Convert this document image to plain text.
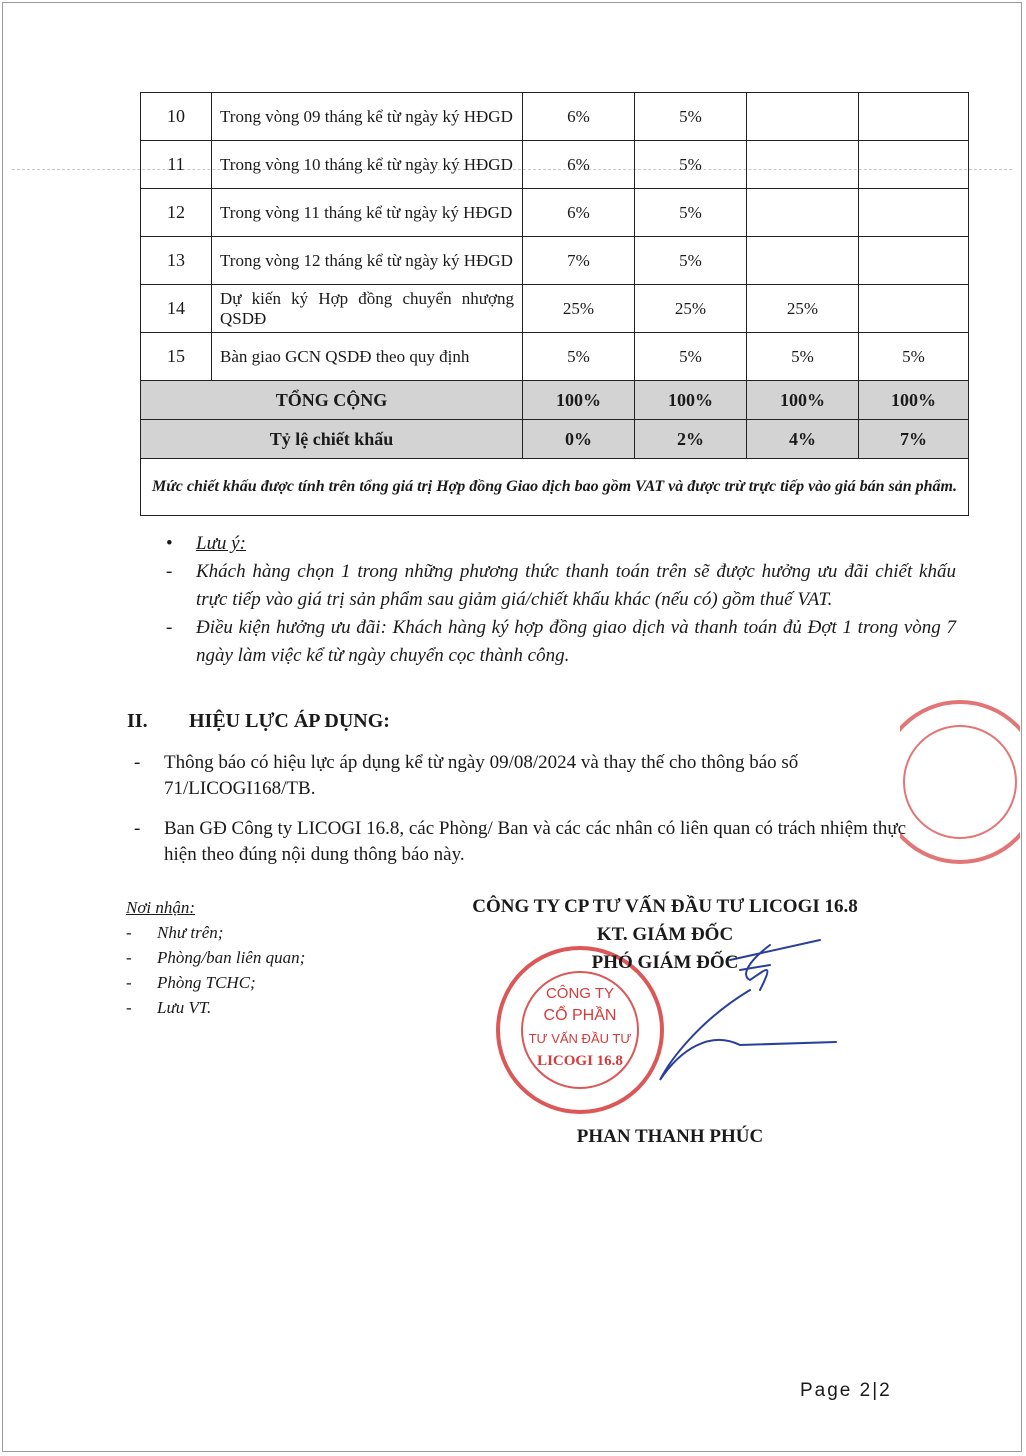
10	Trong vòng 09 tháng kể từ ngày ký HĐGD	6%	5%		
11	Trong vòng 10 tháng kể từ ngày ký HĐGD	6%	5%		
12	Trong vòng 11 tháng kể từ ngày ký HĐGD	6%	5%		
13	Trong vòng 12 tháng kể từ ngày ký HĐGD	7%	5%		
14	Dự kiến ký Hợp đồng chuyển nhượng QSDĐ	25%	25%	25%	
15	Bàn giao GCN QSDĐ theo quy định	5%	5%	5%	5%
TỔNG CỘNG		100%	100%	100%	100%
Tỷ lệ chiết khấu		0%	2%	4%	7%
Mức chiết khấu được tính trên tổng giá trị Hợp đồng Giao dịch bao gồm VAT và được trừ trực tiếp vào giá bán sản phẩm.					
• Lưu ý:
- Khách hàng chọn 1 trong những phương thức thanh toán trên sẽ được hưởng ưu đãi chiết khấu trực tiếp vào giá trị sản phẩm sau giảm giá/chiết khấu khác (nếu có) gồm thuế VAT.
- Điều kiện hưởng ưu đãi: Khách hàng ký hợp đồng giao dịch và thanh toán đủ Đợt 1 trong vòng 7 ngày làm việc kể từ ngày chuyển cọc thành công.
II. HIỆU LỰC ÁP DỤNG:
- Thông báo có hiệu lực áp dụng kể từ ngày 09/08/2024 và thay thế cho thông báo số 71/LICOGI168/TB.
- Ban GĐ Công ty LICOGI 16.8, các Phòng/ Ban và các các nhân có liên quan có trách nhiệm thực hiện theo đúng nội dung thông báo này.
Nơi nhận:
- Như trên;
- Phòng/ban liên quan;
- Phòng TCHC;
- Lưu VT.
CÔNG TY
CỔ PHẦN
TƯ VẤN ĐẦU TƯ
LICOGI 16.8
CÔNG TY CP TƯ VẤN ĐẦU TƯ LICOGI 16.8
KT. GIÁM ĐỐC
PHÓ GIÁM ĐỐC
PHAN THANH PHÚC
Page 2|2
